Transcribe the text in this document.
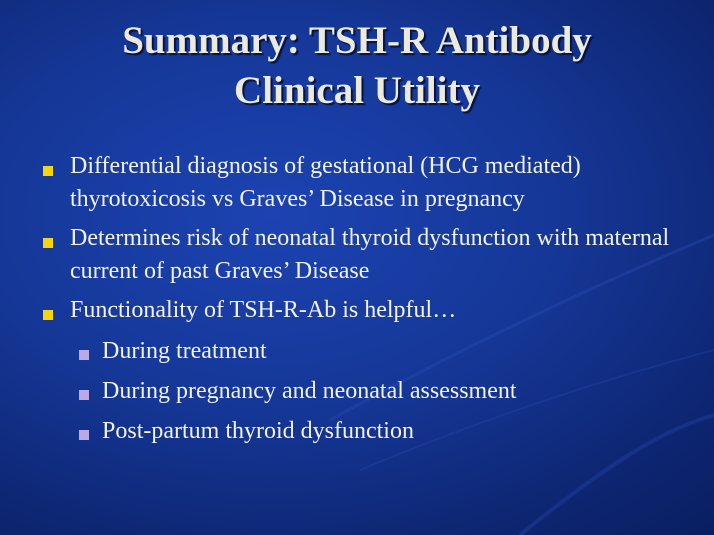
Summary: TSH-R Antibody
Clinical Utility
Differential diagnosis of gestational (HCG mediated) thyrotoxicosis vs Graves’ Disease in pregnancy
Determines risk of neonatal thyroid dysfunction with maternal current of past Graves’ Disease
Functionality of TSH-R-Ab is helpful…
During treatment
During pregnancy and neonatal assessment
Post-partum thyroid dysfunction
